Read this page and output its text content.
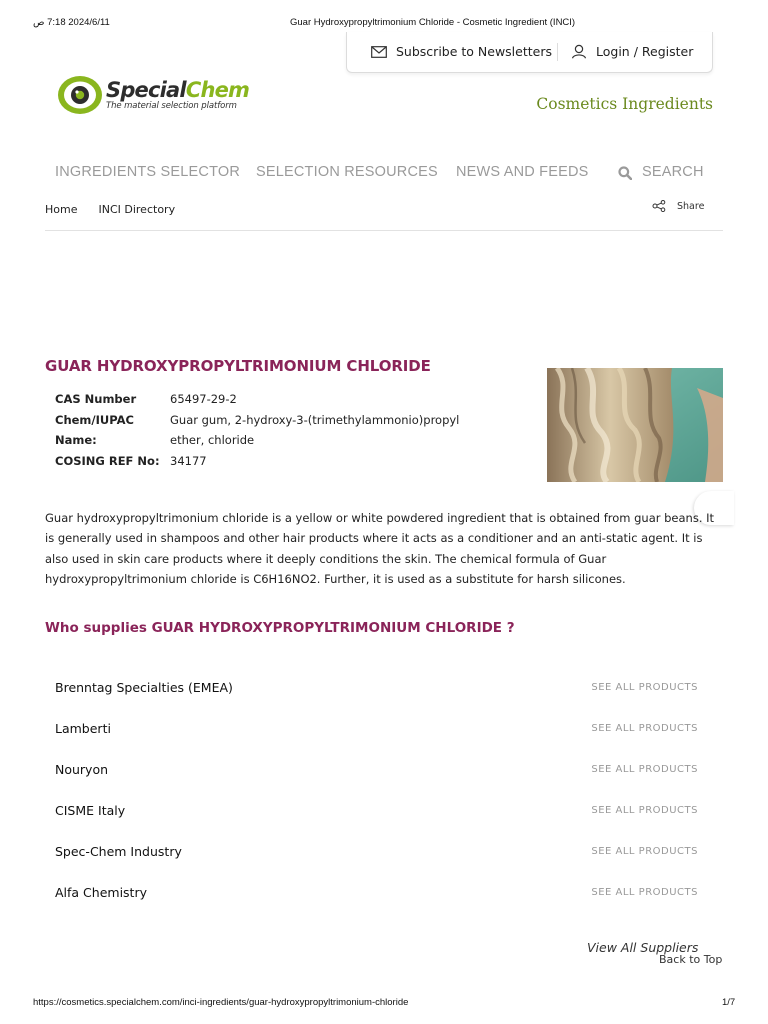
2024/6/11 7:18 ص	Guar Hydroxypropyltrimonium Chloride - Cosmetic Ingredient (INCI)
Subscribe to Newsletters	Login / Register
SpecialChem
The material selection platform	Cosmetics Ingredients
INGREDIENTS SELECTOR SELECTION RESOURCES NEWS AND FEEDS	SEARCH
Home INCI Directory	Share
GUAR HYDROXYPROPYLTRIMONIUM CHLORIDE
CAS Number	65497-29-2
Chem/IUPAC Name:
Guar gum, 2-hydroxy-3-(trimethylammonio)propyl ether, chloride
COSING REF No: 34177

Guar hydroxypropyltrimonium chloride is a yellow or white powdered ingredient that is obtained from guar beans. It is generally used in shampoos and other hair products where it acts as a conditioner and an anti-static agent. It is also used in skin care products where it deeply conditions the skin. The chemical formula of Guar hydroxypropyltrimonium chloride is C6H16NO2. Further, it is used as a substitute for harsh silicones.

Who supplies GUAR HYDROXYPROPYLTRIMONIUM CHLORIDE ?
Brenntag Specialties (EMEA)	SEE ALL PRODUCTS
Lamberti	SEE ALL PRODUCTS
Nouryon	SEE ALL PRODUCTS
CISME Italy	SEE ALL PRODUCTS
Spec-Chem Industry	SEE ALL PRODUCTS
Alfa Chemistry	SEE ALL PRODUCTS
View All Suppliers
Back to Top
https://cosmetics.specialchem.com/inci-ingredients/guar-hydroxypropyltrimonium-chloride	1/7
